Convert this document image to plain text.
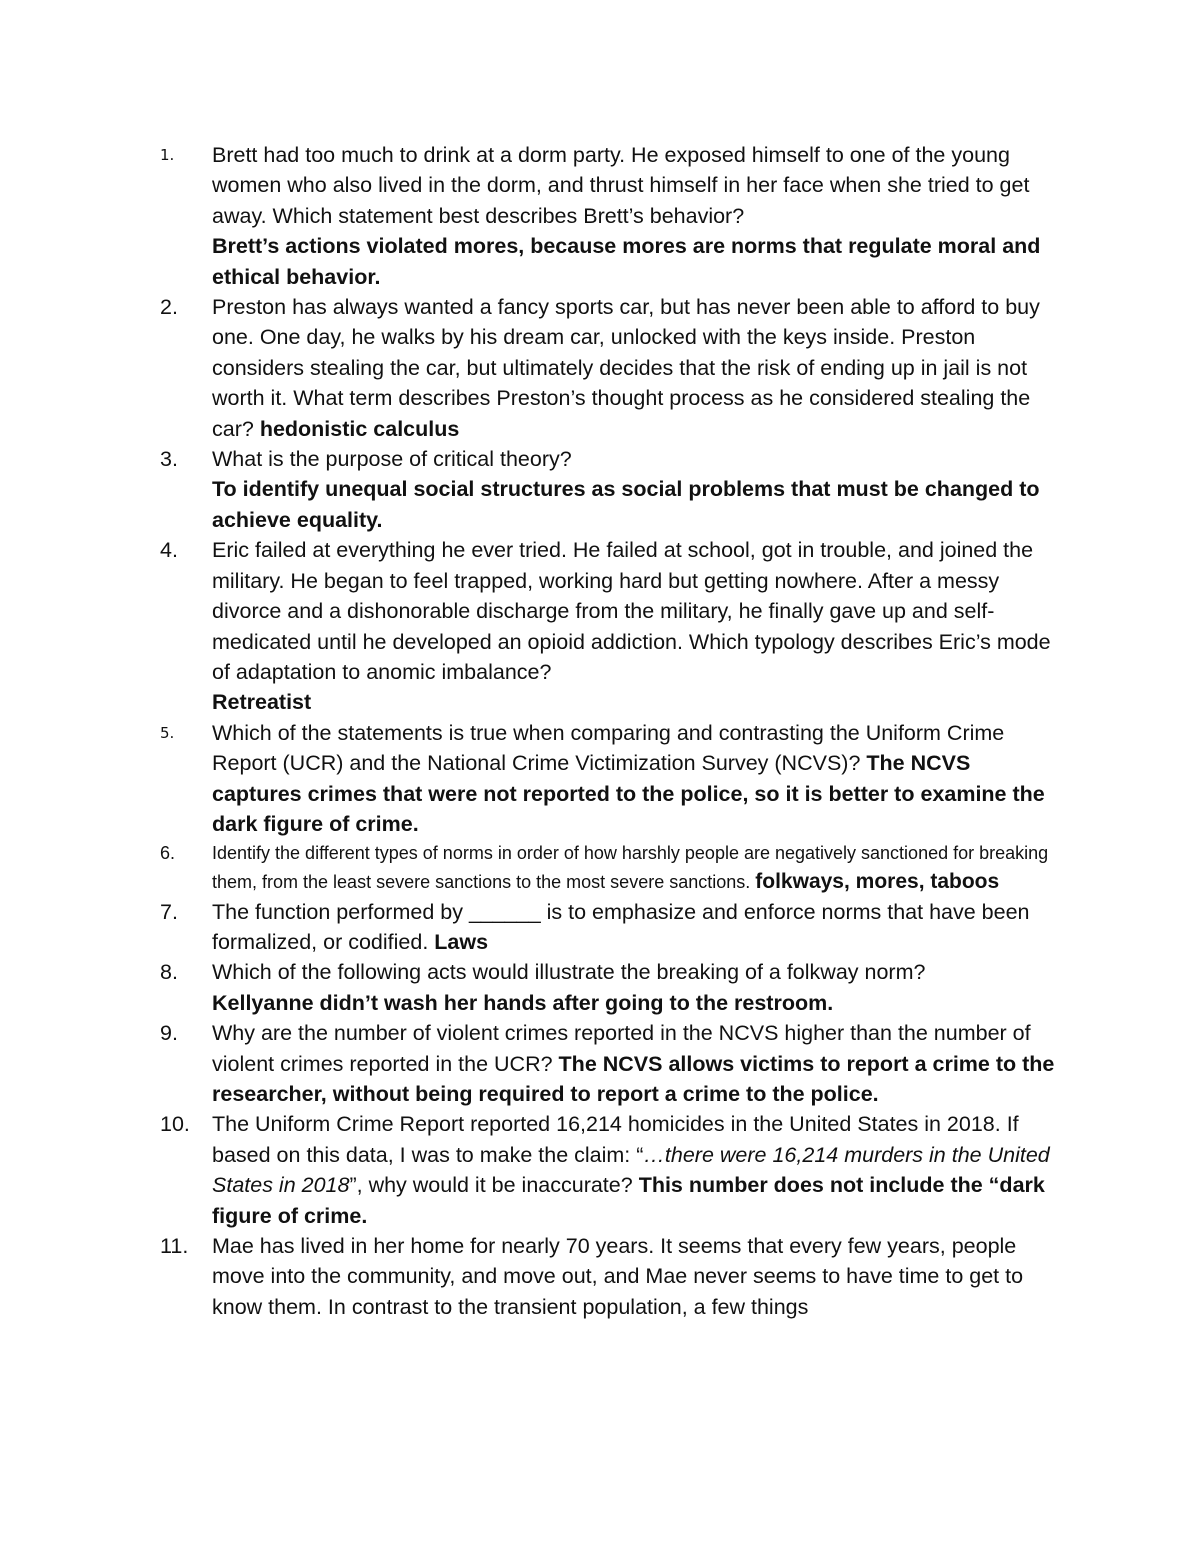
1.	Brett had too much to drink at a dorm party. He exposed himself to one of the young women who also lived in the dorm, and thrust himself in her face when she tried to get away. Which statement best describes Brett’s behavior?
Brett’s actions violated mores, because mores are norms that regulate moral and ethical behavior.
2.	Preston has always wanted a fancy sports car, but has never been able to afford to buy one. One day, he walks by his dream car, unlocked with the keys inside. Preston considers stealing the car, but ultimately decides that the risk of ending up in jail is not worth it. What term describes Preston’s thought process as he considered stealing the car? hedonistic calculus
3.	What is the purpose of critical theory?
To identify unequal social structures as social problems that must be changed to achieve equality.
4.	Eric failed at everything he ever tried. He failed at school, got in trouble, and joined the military. He began to feel trapped, working hard but getting nowhere. After a messy divorce and a dishonorable discharge from the military, he finally gave up and self-medicated until he developed an opioid addiction. Which typology describes Eric’s mode of adaptation to anomic imbalance?
Retreatist
5.	Which of the statements is true when comparing and contrasting the Uniform Crime Report (UCR) and the National Crime Victimization Survey (NCVS)? The NCVS captures crimes that were not reported to the police, so it is better to examine the dark figure of crime.
6.	Identify the different types of norms in order of how harshly people are negatively sanctioned for breaking them, from the least severe sanctions to the most severe sanctions. folkways, mores, taboos
7.	The function performed by ______ is to emphasize and enforce norms that have been formalized, or codified. Laws
8.	Which of the following acts would illustrate the breaking of a folkway norm?
Kellyanne didn’t wash her hands after going to the restroom.
9.	Why are the number of violent crimes reported in the NCVS higher than the number of violent crimes reported in the UCR? The NCVS allows victims to report a crime to the researcher, without being required to report a crime to the police.
10.	The Uniform Crime Report reported 16,214 homicides in the United States in 2018. If based on this data, I was to make the claim: “…there were 16,214 murders in the United States in 2018”, why would it be inaccurate? This number does not include the “dark figure of crime.
11.	Mae has lived in her home for nearly 70 years. It seems that every few years, people move into the community, and move out, and Mae never seems to have time to get to know them. In contrast to the transient population, a few things
